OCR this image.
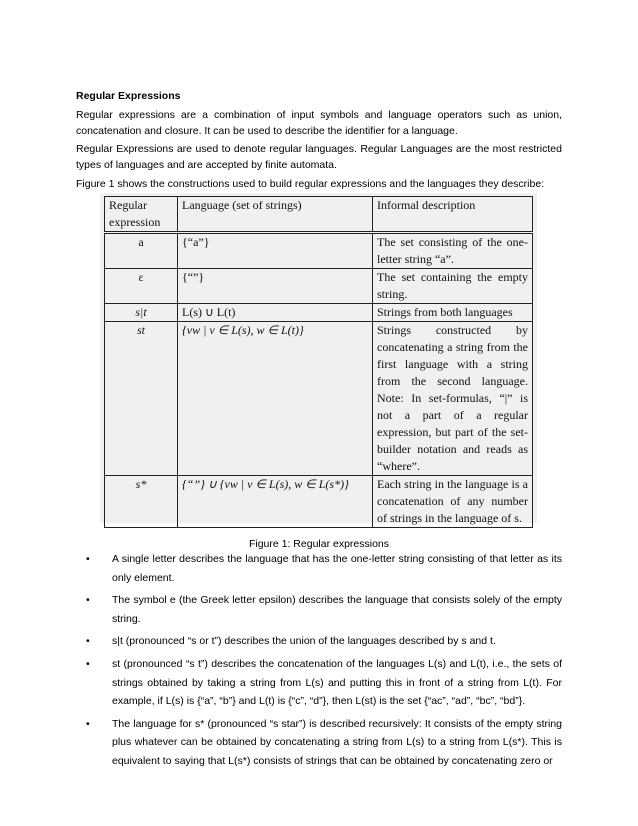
Regular Expressions
Regular expressions are a combination of input symbols and language operators such as union, concatenation and closure. It can be used to describe the identifier for a language.
Regular Expressions are used to denote regular languages. Regular Languages are the most restricted types of languages and are accepted by finite automata.
Figure 1 shows the constructions used to build regular expressions and the languages they describe:
Figure 1: Regular expressions
• A single letter describes the language that has the one-letter string consisting of that letter as its only element.
• The symbol e (the Greek letter epsilon) describes the language that consists solely of the empty string.
• s|t (pronounced “s or t”) describes the union of the languages described by s and t.
• st (pronounced “s t”) describes the concatenation of the languages L(s) and L(t), i.e., the sets of strings obtained by taking a string from L(s) and putting this in front of a string from L(t). For example, if L(s) is {“a”, “b”} and L(t) is {“c”, “d”}, then L(st) is the set {“ac”, “ad”, “bc”, “bd”}.
• The language for s* (pronounced “s star”) is described recursively: It consists of the empty string plus whatever can be obtained by concatenating a string from L(s) to a string from L(s*). This is equivalent to saying that L(s*) consists of strings that can be obtained by concatenating zero or
Regular expression	Language (set of strings)	Informal description
a	{“a”}	The set consisting of the one-letter string “a”.
ε	{“”}	The set containing the empty string.
s|t	L(s) ∪ L(t)	Strings from both languages
st	{vw | v ∈ L(s), w ∈ L(t)}	Strings constructed by concatenating a string from the first language with a string from the second language. Note: In set-formulas, “|” is not a part of a regular expression, but part of the set-builder notation and reads as “where”.
s*	{“”} ∪ {vw | v ∈ L(s), w ∈ L(s*)}	Each string in the language is a concatenation of any number of strings in the language of s.
